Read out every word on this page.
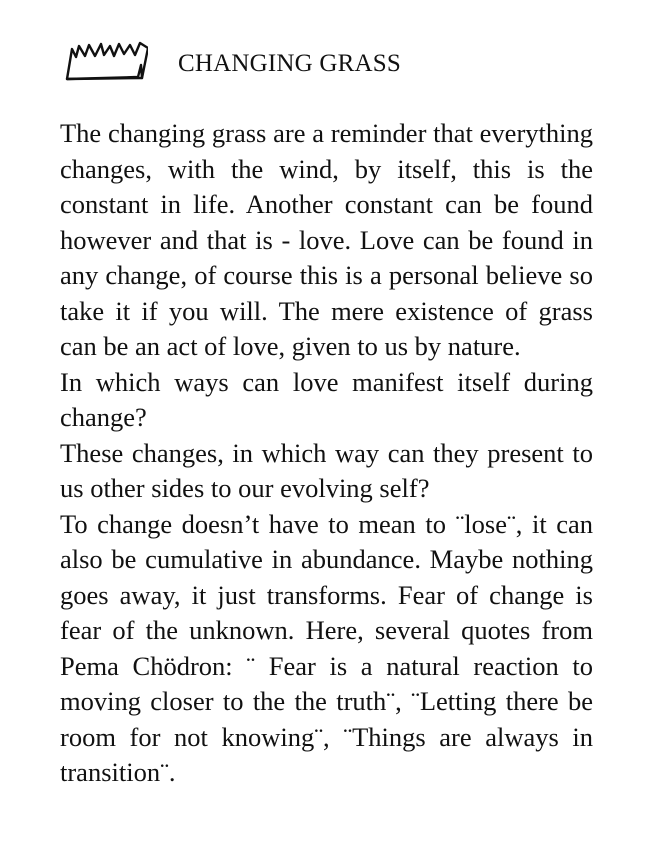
CHANGING GRASS

The changing grass are a reminder that everything changes, with the wind, by itself, this is the constant in life. Another constant can be found however and that is - love. Love can be found in any change, of course this is a personal believe so take it if you will. The mere existence of grass can be an act of love, given to us by nature.

In which ways can love manifest itself during change?

These changes, in which way can they present to us other sides to our evolving self?

To change doesn’t have to mean to ¨lose¨, it can also be cumulative in abundance. Maybe nothing goes away, it just transforms. Fear of change is fear of the unknown. Here, several quotes from Pema Chödron: ¨ Fear is a natural reaction to moving closer to the the truth¨, ¨Letting there be room for not knowing¨, ¨Things are always in transition¨.
